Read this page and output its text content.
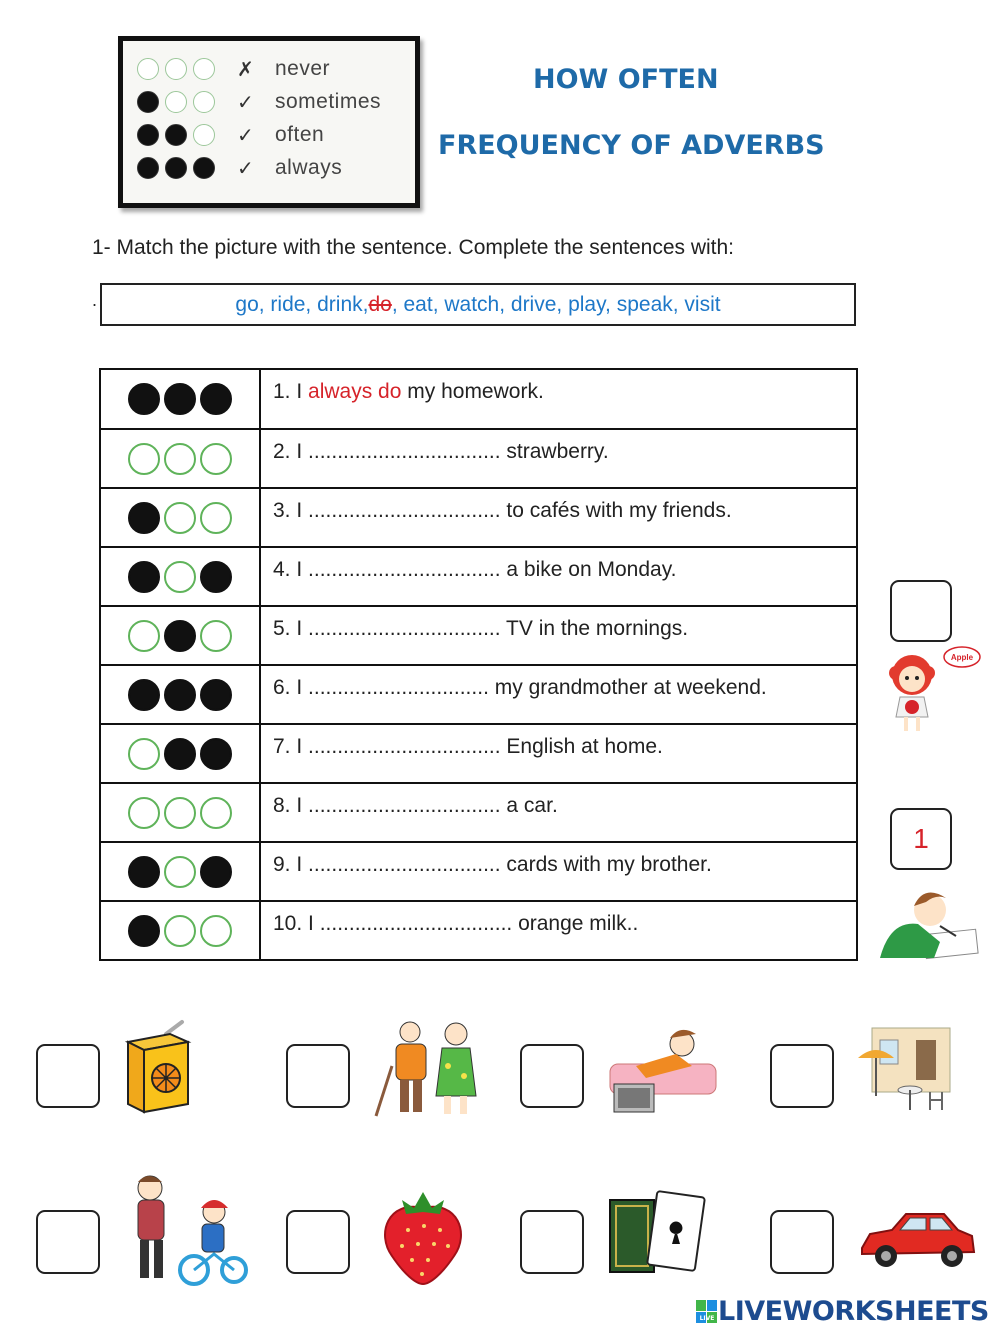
✗	never
✓	sometimes
✓	often
✓	always
HOW OFTEN
FREQUENCY OF ADVERBS
1- Match the picture with the sentence. Complete the sentences with:
.	go, ride, drink, do , eat, watch, drive, play, speak, visit
1. I always do my homework.
2. I ................................. strawberry.
3. I ................................. to cafés with my friends.
4. I ................................. a bike on Monday.
5. I ................................. TV in the mornings.
6. I ............................... my grandmother at weekend.
7. I ................................. English at home.
8. I ................................. a car.
9. I ................................. cards with my brother.
10. I ................................. orange milk..
Apple
1
LIVE LIVEWORKSHEETS
